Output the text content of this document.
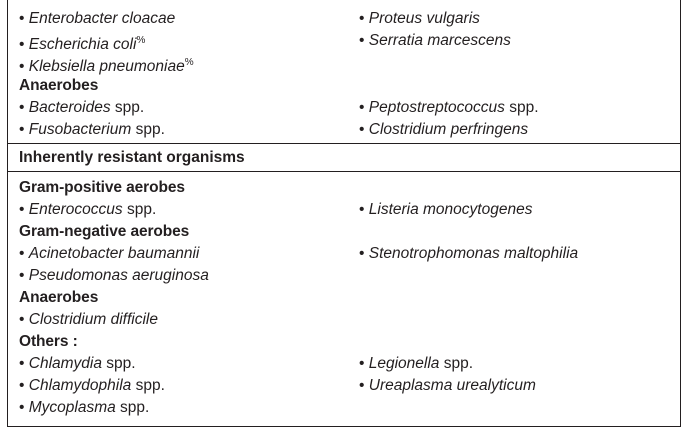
• Enterobacter cloacae	• Proteus vulgaris
• Escherichia coli%	• Serratia marcescens
• Klebsiella pneumoniae%
Anaerobes
• Bacteroides spp.	• Peptostreptococcus spp.
• Fusobacterium spp.	• Clostridium perfringens
Inherently resistant organisms
Gram-positive aerobes
• Enterococcus spp.	• Listeria monocytogenes
Gram-negative aerobes
• Acinetobacter baumannii	• Stenotrophomonas maltophilia
• Pseudomonas aeruginosa
Anaerobes
• Clostridium difficile
Others :
• Chlamydia spp.	• Legionella spp.
• Chlamydophila spp.	• Ureaplasma urealyticum
• Mycoplasma spp.
